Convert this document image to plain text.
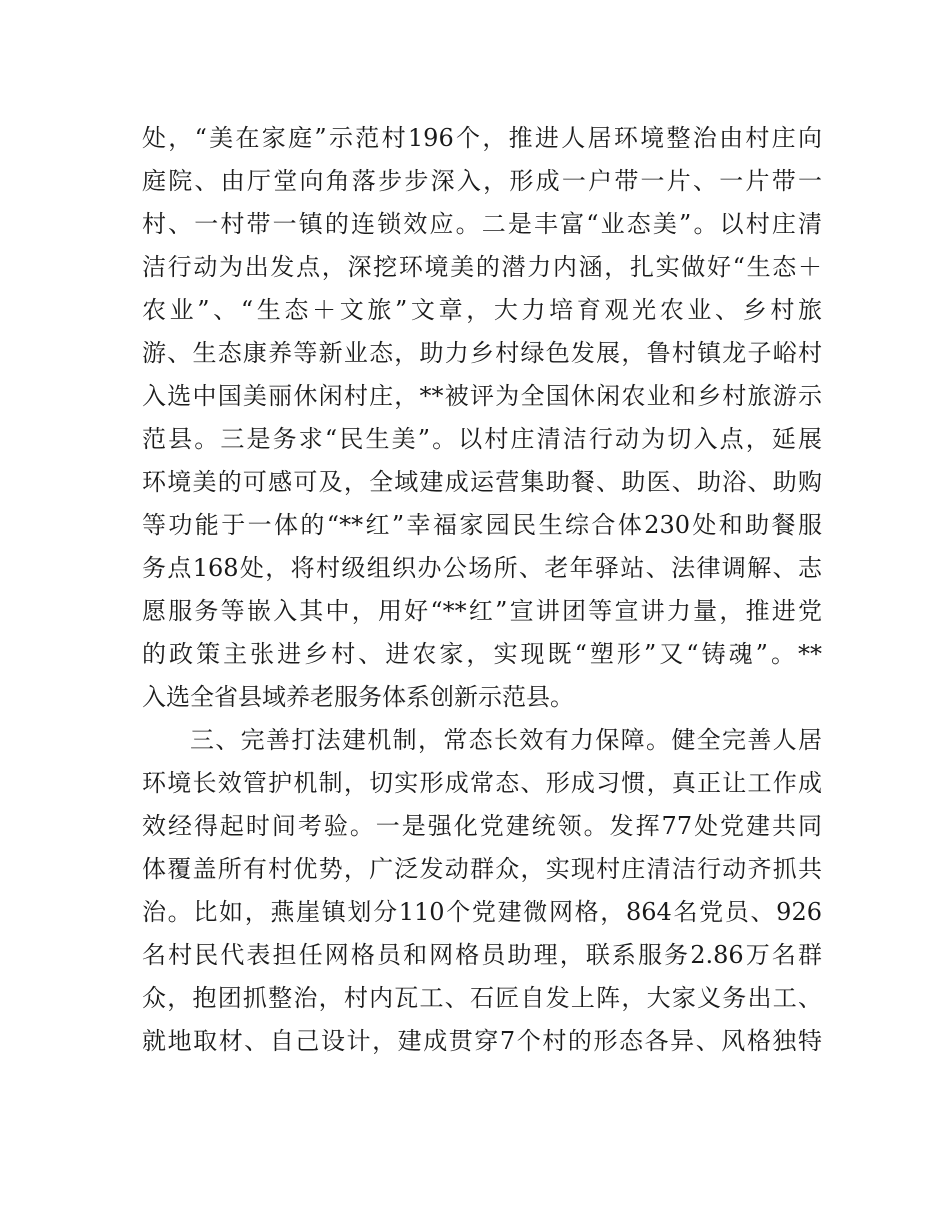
处，“美在家庭”示范村196个，推进人居环境整治由村庄向
庭院、由厅堂向角落步步深入，形成一户带一片、一片带一
村、一村带一镇的连锁效应。二是丰富“业态美”。以村庄清
洁行动为出发点，深挖环境美的潜力内涵，扎实做好“生态＋
农业”、“生态＋文旅”文章，大力培育观光农业、乡村旅
游、生态康养等新业态，助力乡村绿色发展，鲁村镇龙子峪村
入选中国美丽休闲村庄，**被评为全国休闲农业和乡村旅游示
范县。三是务求“民生美”。以村庄清洁行动为切入点，延展
环境美的可感可及，全域建成运营集助餐、助医、助浴、助购
等功能于一体的“**红”幸福家园民生综合体230处和助餐服
务点168处，将村级组织办公场所、老年驿站、法律调解、志
愿服务等嵌入其中，用好“**红”宣讲团等宣讲力量，推进党
的政策主张进乡村、进农家，实现既“塑形”又“铸魂”。**
入选全省县域养老服务体系创新示范县。
三、完善打法建机制，常态长效有力保障。健全完善人居
环境长效管护机制，切实形成常态、形成习惯，真正让工作成
效经得起时间考验。一是强化党建统领。发挥77处党建共同
体覆盖所有村优势，广泛发动群众，实现村庄清洁行动齐抓共
治。比如，燕崖镇划分110个党建微网格，864名党员、926
名村民代表担任网格员和网格员助理，联系服务2.86万名群
众，抱团抓整治，村内瓦工、石匠自发上阵，大家义务出工、
就地取材、自己设计，建成贯穿7个村的形态各异、风格独特
